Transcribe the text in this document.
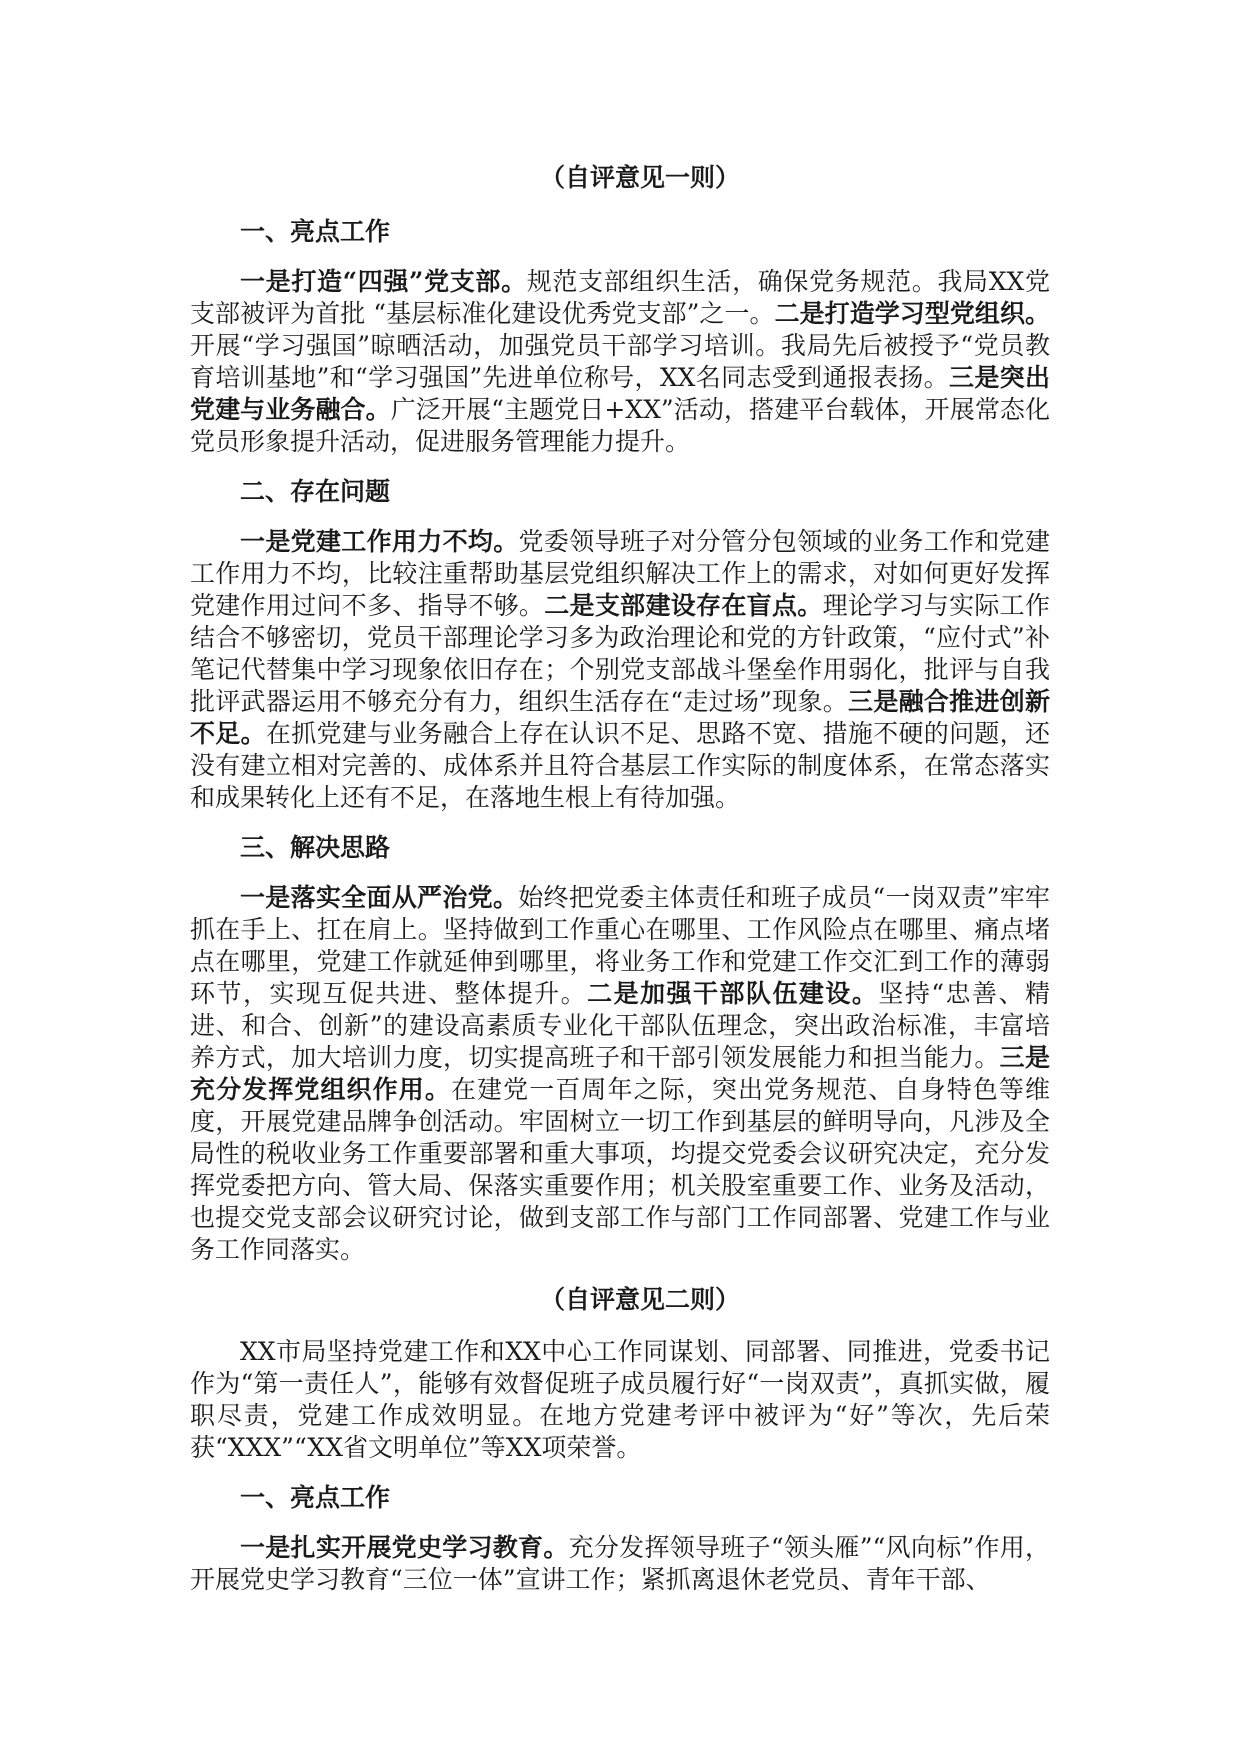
（自评意见一则）
一、亮点工作

一是打造“四强”党支部。规范支部组织生活，确保党务规范。我局XX党支部被评为首批 “基层标准化建设优秀党支部”之一。二是打造学习型党组织。开展“学习强国”晾晒活动，加强党员干部学习培训。我局先后被授予“党员教育培训基地”和“学习强国”先进单位称号，XX名同志受到通报表扬。三是突出党建与业务融合。广泛开展“主题党日+XX”活动，搭建平台载体，开展常态化党员形象提升活动，促进服务管理能力提升。

二、存在问题

一是党建工作用力不均。党委领导班子对分管分包领域的业务工作和党建工作用力不均，比较注重帮助基层党组织解决工作上的需求，对如何更好发挥党建作用过问不多、指导不够。二是支部建设存在盲点。理论学习与实际工作结合不够密切，党员干部理论学习多为政治理论和党的方针政策，“应付式”补笔记代替集中学习现象依旧存在；个别党支部战斗堡垒作用弱化，批评与自我批评武器运用不够充分有力，组织生活存在“走过场”现象。三是融合推进创新不足。在抓党建与业务融合上存在认识不足、思路不宽、措施不硬的问题，还没有建立相对完善的、成体系并且符合基层工作实际的制度体系，在常态落实和成果转化上还有不足，在落地生根上有待加强。

三、解决思路

一是落实全面从严治党。始终把党委主体责任和班子成员“一岗双责”牢牢抓在手上、扛在肩上。坚持做到工作重心在哪里、工作风险点在哪里、痛点堵点在哪里，党建工作就延伸到哪里，将业务工作和党建工作交汇到工作的薄弱环节，实现互促共进、整体提升。二是加强干部队伍建设。坚持“忠善、精进、和合、创新”的建设高素质专业化干部队伍理念，突出政治标准，丰富培养方式，加大培训力度，切实提高班子和干部引领发展能力和担当能力。三是充分发挥党组织作用。在建党一百周年之际，突出党务规范、自身特色等维度，开展党建品牌争创活动。牢固树立一切工作到基层的鲜明导向，凡涉及全局性的税收业务工作重要部署和重大事项，均提交党委会议研究决定，充分发挥党委把方向、管大局、保落实重要作用；机关股室重要工作、业务及活动，也提交党支部会议研究讨论，做到支部工作与部门工作同部署、党建工作与业务工作同落实。

（自评意见二则）

XX市局坚持党建工作和XX中心工作同谋划、同部署、同推进，党委书记作为“第一责任人”，能够有效督促班子成员履行好“一岗双责”，真抓实做，履职尽责，党建工作成效明显。在地方党建考评中被评为“好”等次，先后荣获“XXX”“XX省文明单位”等XX项荣誉。

一、亮点工作

一是扎实开展党史学习教育。充分发挥领导班子“领头雁”“风向标”作用，开展党史学习教育“三位一体”宣讲工作；紧抓离退休老党员、青年干部、
